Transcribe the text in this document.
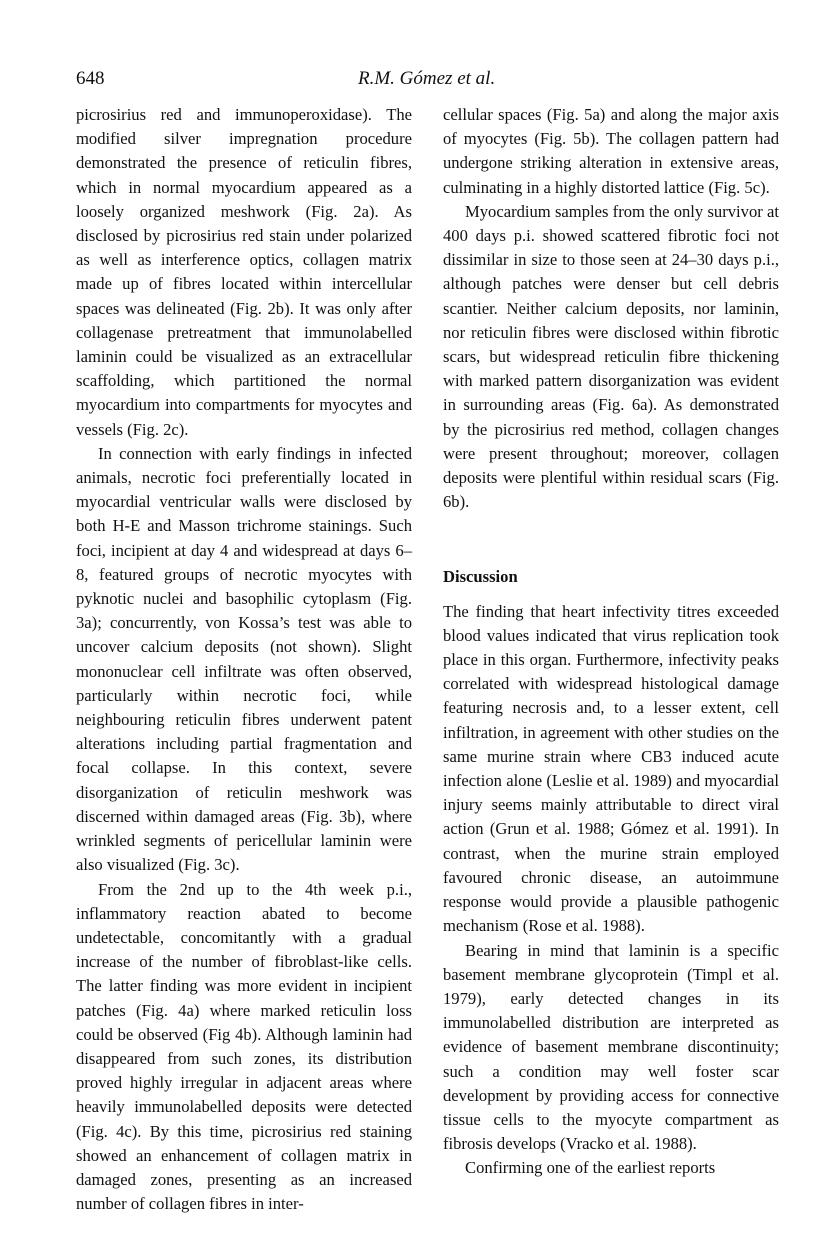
648	R.M. Gómez et al.

picrosirius red and immunoperoxidase). The modified silver impregnation procedure demonstrated the presence of reticulin fibres, which in normal myocardium appeared as a loosely organized meshwork (Fig. 2a). As disclosed by picrosirius red stain under polarized as well as interference optics, collagen matrix made up of fibres located within intercellular spaces was delineated (Fig. 2b). It was only after collagenase pretreatment that immunolabelled laminin could be visualized as an extracellular scaffolding, which partitioned the normal myocardium into compartments for myocytes and vessels (Fig. 2c).

In connection with early findings in infected animals, necrotic foci preferentially located in myocardial ventricular walls were disclosed by both H-E and Masson trichrome stainings. Such foci, incipient at day 4 and widespread at days 6–8, featured groups of necrotic myocytes with pyknotic nuclei and basophilic cytoplasm (Fig. 3a); concurrently, von Kossa’s test was able to uncover calcium deposits (not shown). Slight mononuclear cell infiltrate was often observed, particularly within necrotic foci, while neighbouring reticulin fibres underwent patent alterations including partial fragmentation and focal collapse. In this context, severe disorganization of reticulin meshwork was discerned within damaged areas (Fig. 3b), where wrinkled segments of pericellular laminin were also visualized (Fig. 3c).

From the 2nd up to the 4th week p.i., inflammatory reaction abated to become undetectable, concomitantly with a gradual increase of the number of fibroblast-like cells. The latter finding was more evident in incipient patches (Fig. 4a) where marked reticulin loss could be observed (Fig 4b). Although laminin had disappeared from such zones, its distribution proved highly irregular in adjacent areas where heavily immunolabelled deposits were detected (Fig. 4c). By this time, picrosirius red staining showed an enhancement of collagen matrix in damaged zones, presenting as an increased number of collagen fibres in inter-

cellular spaces (Fig. 5a) and along the major axis of myocytes (Fig. 5b). The collagen pattern had undergone striking alteration in extensive areas, culminating in a highly distorted lattice (Fig. 5c).

Myocardium samples from the only survivor at 400 days p.i. showed scattered fibrotic foci not dissimilar in size to those seen at 24–30 days p.i., although patches were denser but cell debris scantier. Neither calcium deposits, nor laminin, nor reticulin fibres were disclosed within fibrotic scars, but widespread reticulin fibre thickening with marked pattern disorganization was evident in surrounding areas (Fig. 6a). As demonstrated by the picrosirius red method, collagen changes were present throughout; moreover, collagen deposits were plentiful within residual scars (Fig. 6b).

Discussion

The finding that heart infectivity titres exceeded blood values indicated that virus replication took place in this organ. Furthermore, infectivity peaks correlated with widespread histological damage featuring necrosis and, to a lesser extent, cell infiltration, in agreement with other studies on the same murine strain where CB3 induced acute infection alone (Leslie et al. 1989) and myocardial injury seems mainly attributable to direct viral action (Grun et al. 1988; Gómez et al. 1991). In contrast, when the murine strain employed favoured chronic disease, an autoimmune response would provide a plausible pathogenic mechanism (Rose et al. 1988).

Bearing in mind that laminin is a specific basement membrane glycoprotein (Timpl et al. 1979), early detected changes in its immunolabelled distribution are interpreted as evidence of basement membrane discontinuity; such a condition may well foster scar development by providing access for connective tissue cells to the myocyte compartment as fibrosis develops (Vracko et al. 1988).

Confirming one of the earliest reports
